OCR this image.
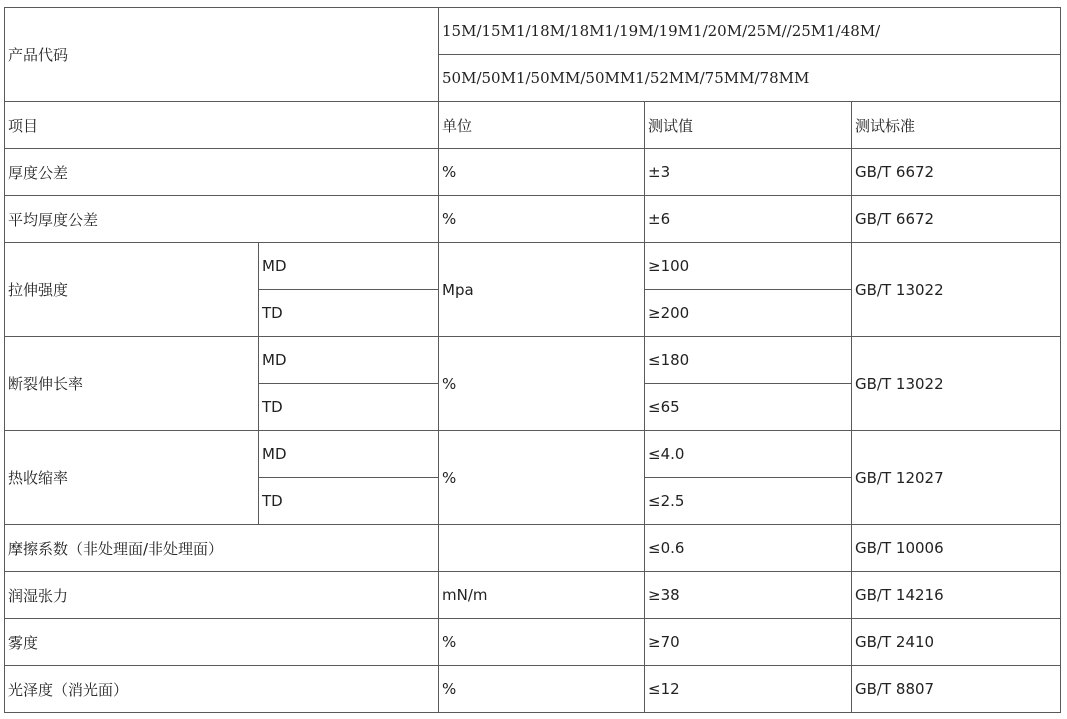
产品代码		15M/15M1/18M/18M1/19M/19M1/20M/25M//25M1/48M/		
		50M/50M1/50MM/50MM1/52MM/75MM/78MM		
项目		单位	测试值	测试标准
厚度公差		%	±3	GB/T 6672
平均厚度公差		%	±6	GB/T 6672
拉伸强度	MD	Mpa	≥100	GB/T 13022
	TD		≥200	
断裂伸长率	MD	%	≤180	GB/T 13022
	TD		≤65	
热收缩率	MD	%	≤4.0	GB/T 12027
	TD		≤2.5	
摩擦系数（非处理面/非处理面）			≤0.6	GB/T 10006
润湿张力		mN/m	≥38	GB/T 14216
雾度		%	≥70	GB/T 2410
光泽度（消光面）		%	≤12	GB/T 8807
